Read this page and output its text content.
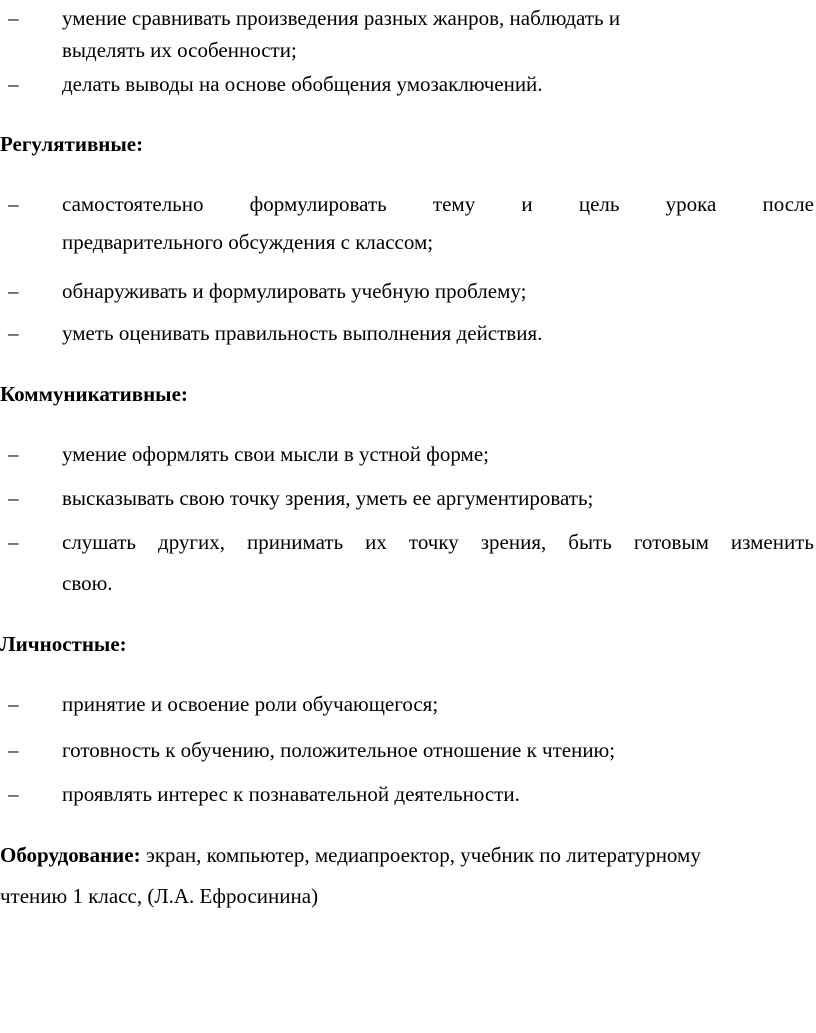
– умение сравнивать произведения разных жанров, наблюдать и

выделять их особенности;

– делать выводы на основе обобщения умозаключений.

Регулятивные:

– самостоятельно формулировать тему и цель урока после

предварительного обсуждения с классом;

– обнаруживать и формулировать учебную проблему;

– уметь оценивать правильность выполнения действия.

Коммуникативные:

– умение оформлять свои мысли в устной форме;

– высказывать свою точку зрения, уметь ее аргументировать;

– слушать других, принимать их точку зрения, быть готовым изменить

свою.

Личностные:

– принятие и освоение роли обучающегося;

– готовность к обучению, положительное отношение к чтению;

– проявлять интерес к познавательной деятельности.

Оборудование: экран, компьютер, медиапроектор, учебник по литературному

чтению 1 класс, (Л.А. Ефросинина)
